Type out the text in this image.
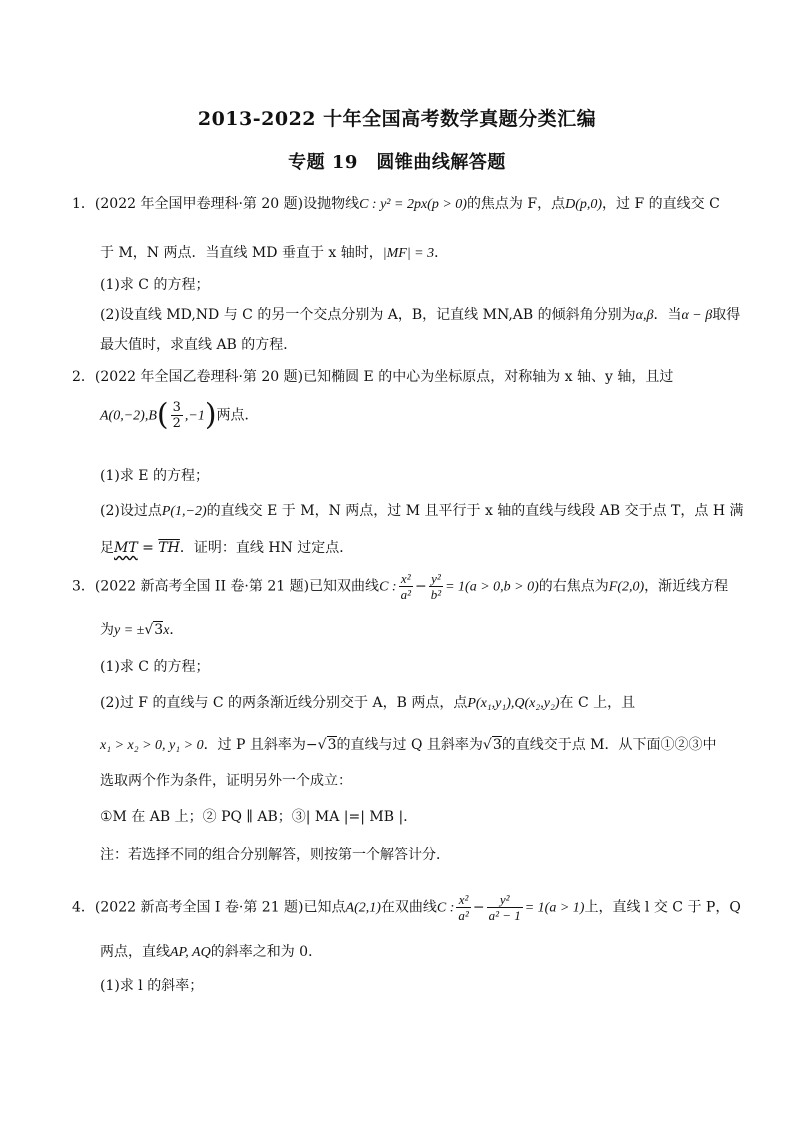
2013-2022 十年全国高考数学真题分类汇编
专题 19　圆锥曲线解答题
1．(2022 年全国甲卷理科·第 20 题)设抛物线C : y² = 2px(p > 0)的焦点为 F，点D(p,0)，过 F 的直线交 C
于 M，N 两点．当直线 MD 垂直于 x 轴时，|MF| = 3．
(1)求 C 的方程；
(2)设直线 MD,ND 与 C 的另一个交点分别为 A，B，记直线 MN,AB 的倾斜角分别为α,β．当α − β取得
最大值时，求直线 AB 的方程．
2．(2022 年全国乙卷理科·第 20 题)已知椭圆 E 的中心为坐标原点，对称轴为 x 轴、y 轴，且过
$A(0,-2),B( \frac{3}{2} ,-1)$两点．
(1)求 E 的方程；
(2)设过点P(1,−2)的直线交 E 于 M，N 两点，过 M 且平行于 x 轴的直线与线段 AB 交于点 T，点 H 满
足MT = $\overline{TH}$．证明：直线 HN 过定点．
3．(2022 新高考全国 II 卷·第 21 题)已知双曲线C : $\frac{\text{x²}}{\text{a²}} - \frac{\text{y²}}{\text{b²}} = 1(a > 0,b > 0)$的右焦点为F(2,0)，渐近线方程
为y = ±√3x．
(1)求 C 的方程；
(2)过 F 的直线与 C 的两条渐近线分别交于 A，B 两点，点P(x₁,y₁),Q(x₂,y₂)在 C 上，且
x₁ > x₂ > 0, y₁ > 0．过 P 且斜率为−√3的直线与过 Q 且斜率为√3的直线交于点 M．从下面①②③中
选取两个作为条件，证明另外一个成立：
①M 在 AB 上；② PQ ∥ AB；③| MA |=| MB |．
注：若选择不同的组合分别解答，则按第一个解答计分．
4．(2022 新高考全国 I 卷·第 21 题)已知点A(2,1)在双曲线C : $\frac{\text{x²}}{\text{a²}} - \frac{\text{y²}}{\text{a² − 1}} = 1(a > 1)$上，直线 l 交 C 于 P，Q
两点，直线AP, AQ的斜率之和为 0．
(1)求 l 的斜率；
